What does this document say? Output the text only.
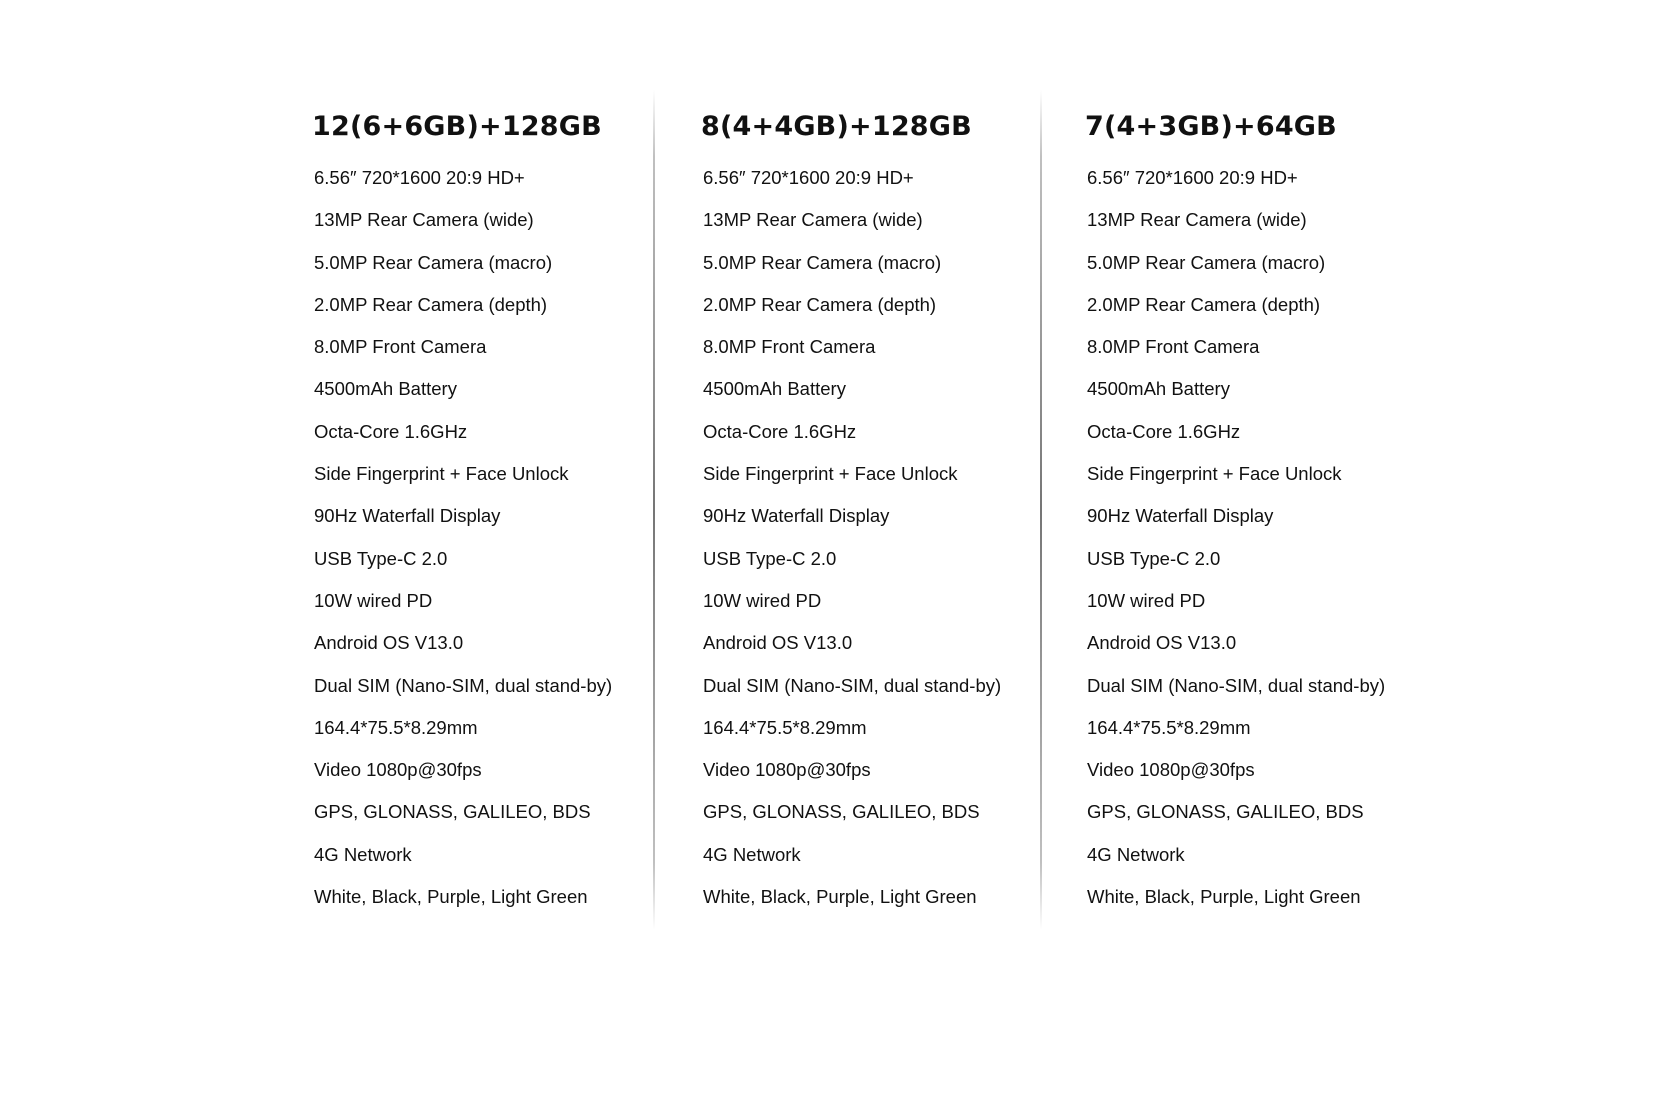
12(6+6GB)+128GB
6.56″ 720*1600 20:9 HD+
13MP Rear Camera (wide)
5.0MP Rear Camera (macro)
2.0MP Rear Camera (depth)
8.0MP Front Camera
4500mAh Battery
Octa-Core 1.6GHz
Side Fingerprint + Face Unlock
90Hz Waterfall Display
USB Type-C 2.0
10W wired PD
Android OS V13.0
Dual SIM (Nano-SIM, dual stand-by)
164.4*75.5*8.29mm
Video 1080p@30fps
GPS, GLONASS, GALILEO, BDS
4G Network
White, Black, Purple, Light Green
8(4+4GB)+128GB
6.56″ 720*1600 20:9 HD+
13MP Rear Camera (wide)
5.0MP Rear Camera (macro)
2.0MP Rear Camera (depth)
8.0MP Front Camera
4500mAh Battery
Octa-Core 1.6GHz
Side Fingerprint + Face Unlock
90Hz Waterfall Display
USB Type-C 2.0
10W wired PD
Android OS V13.0
Dual SIM (Nano-SIM, dual stand-by)
164.4*75.5*8.29mm
Video 1080p@30fps
GPS, GLONASS, GALILEO, BDS
4G Network
White, Black, Purple, Light Green
7(4+3GB)+64GB
6.56″ 720*1600 20:9 HD+
13MP Rear Camera (wide)
5.0MP Rear Camera (macro)
2.0MP Rear Camera (depth)
8.0MP Front Camera
4500mAh Battery
Octa-Core 1.6GHz
Side Fingerprint + Face Unlock
90Hz Waterfall Display
USB Type-C 2.0
10W wired PD
Android OS V13.0
Dual SIM (Nano-SIM, dual stand-by)
164.4*75.5*8.29mm
Video 1080p@30fps
GPS, GLONASS, GALILEO, BDS
4G Network
White, Black, Purple, Light Green
